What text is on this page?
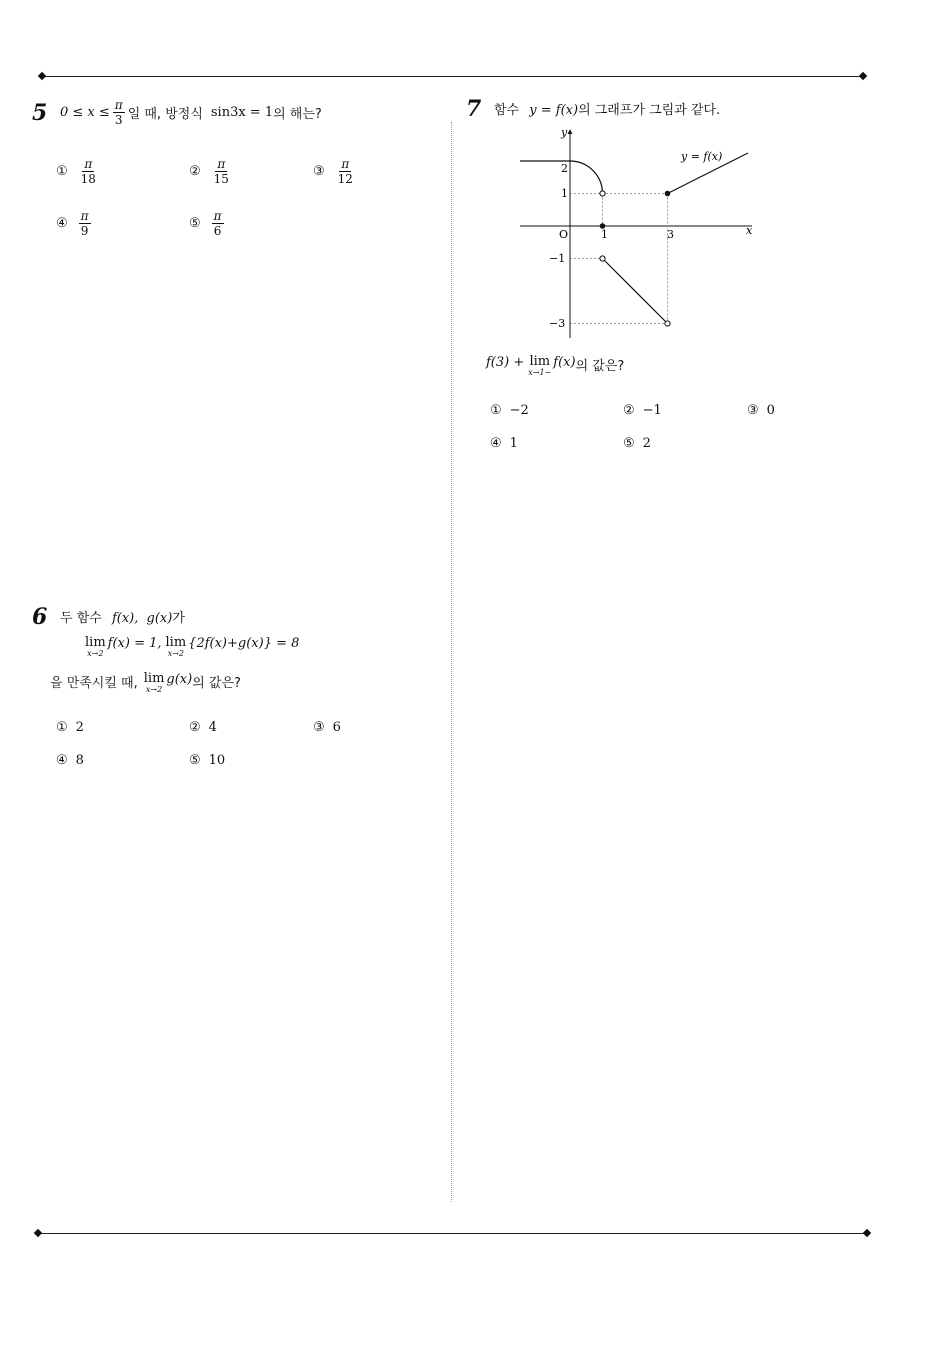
5 $0 \le x \le \frac{\pi}{3}$ 일 때, 방정식 sin3x = 1 의 해는?
① $\frac{\pi}{18}$	② $\frac{\pi}{15}$	③ $\frac{\pi}{12}$
④ $\frac{\pi}{9}$	⑤ $\frac{\pi}{6}$
6 두 함수 f(x), g(x)가
lim
x→2
f(x) = 1, lim
x→2
{2f(x)+g(x)} = 8
을 만족시킬 때, lim
x→2
g(x) 의 값은?
① 2	② 4	③ 6
④ 8	⑤ 10
7 함수 y = f(x)의 그래프가 그림과 같다.
y
x
O
y = f(x)
1	3
2
1
−1
−3
f(3) + lim
x→1−
f(x) 의 값은?
① −2	② −1	③ 0
④ 1	⑤ 2
